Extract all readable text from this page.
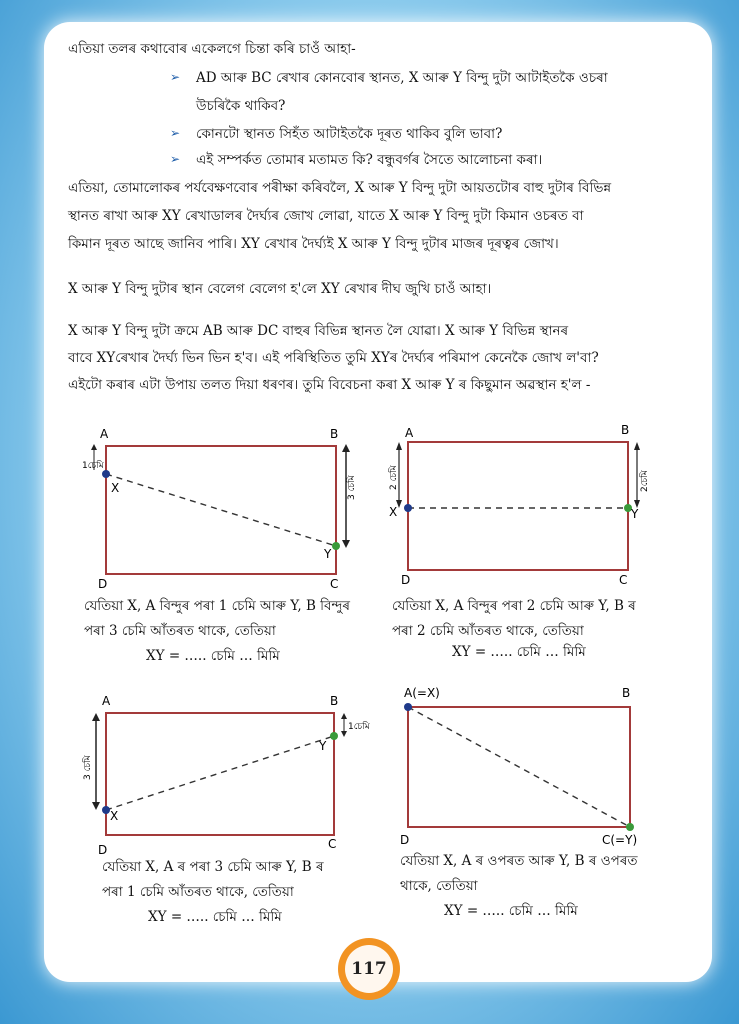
এতিয়া তলৰ কথাবোৰ একেলগে চিন্তা কৰি চাওঁ আহা-
➢	AD আৰু BC ৰেখাৰ কোনবোৰ স্থানত, X আৰু Y বিন্দু দুটা আটাইতকৈ ওচৰা
উচৰিকৈ থাকিব?
➢	কোনটো স্থানত সিহঁত আটাইতকৈ দূৰত থাকিব বুলি ভাবা?
➢	এই সম্পৰ্কত তোমাৰ মতামত কি? বন্ধুবৰ্গৰ সৈতে আলোচনা কৰা।
এতিয়া, তোমালোকৰ পৰ্যবেক্ষণবোৰ পৰীক্ষা কৰিবলৈ, X আৰু Y বিন্দু দুটা আয়তটোৰ বাহু দুটাৰ বিভিন্ন
স্থানত ৰাখা আৰু XY ৰেখাডালৰ দৈৰ্ঘ্যৰ জোখ লোৱা, যাতে X আৰু Y বিন্দু দুটা কিমান ওচৰত বা
কিমান দূৰত আছে জানিব পাৰি। XY ৰেখাৰ দৈৰ্ঘ্যই X আৰু Y বিন্দু দুটাৰ মাজৰ দূৰত্বৰ জোখ।
X আৰু Y বিন্দু দুটাৰ স্থান বেলেগ বেলেগ হ'লে XY ৰেখাৰ দীঘ জুখি চাওঁ আহা।
X আৰু Y বিন্দু দুটা ক্ৰমে AB আৰু DC বাহুৰ বিভিন্ন স্থানত লৈ যোৱা। X আৰু Y বিভিন্ন স্থানৰ
বাবে XYৰেখাৰ দৈৰ্ঘ্য ভিন ভিন হ'ব। এই পৰিস্থিতিত তুমি XYৰ দৈৰ্ঘ্যৰ পৰিমাপ কেনেকৈ জোখ ল'বা?
এইটো কৰাৰ এটা উপায় তলত দিয়া ধৰণৰ। তুমি বিবেচনা কৰা X আৰু Y ৰ কিছুমান অৱস্থান হ'ল -
A	B
C
D
X
Y
1চেমি
3 চেমি
যেতিয়া X, A বিন্দুৰ পৰা 1 চেমি আৰু Y, B বিন্দুৰ
পৰা 3 চেমি আঁতৰত থাকে, তেতিয়া
XY = ….. চেমি … মিমি
A	B
C
D
X	Y
2 চেমি	2চেমি
যেতিয়া X, A বিন্দুৰ পৰা 2 চেমি আৰু Y, B ৰ
পৰা 2 চেমি আঁতৰত থাকে, তেতিয়া
XY = ….. চেমি … মিমি
A	B
C
D
X
Y
3 চেমি
1চেমি
যেতিয়া X, A ৰ পৰা 3 চেমি আৰু Y, B ৰ
পৰা 1 চেমি আঁতৰত থাকে, তেতিয়া
XY = ….. চেমি … মিমি
A(=X)	B
C(=Y)
D
যেতিয়া X, A ৰ ওপৰত আৰু Y, B ৰ ওপৰত
থাকে, তেতিয়া
XY = ….. চেমি … মিমি
117
